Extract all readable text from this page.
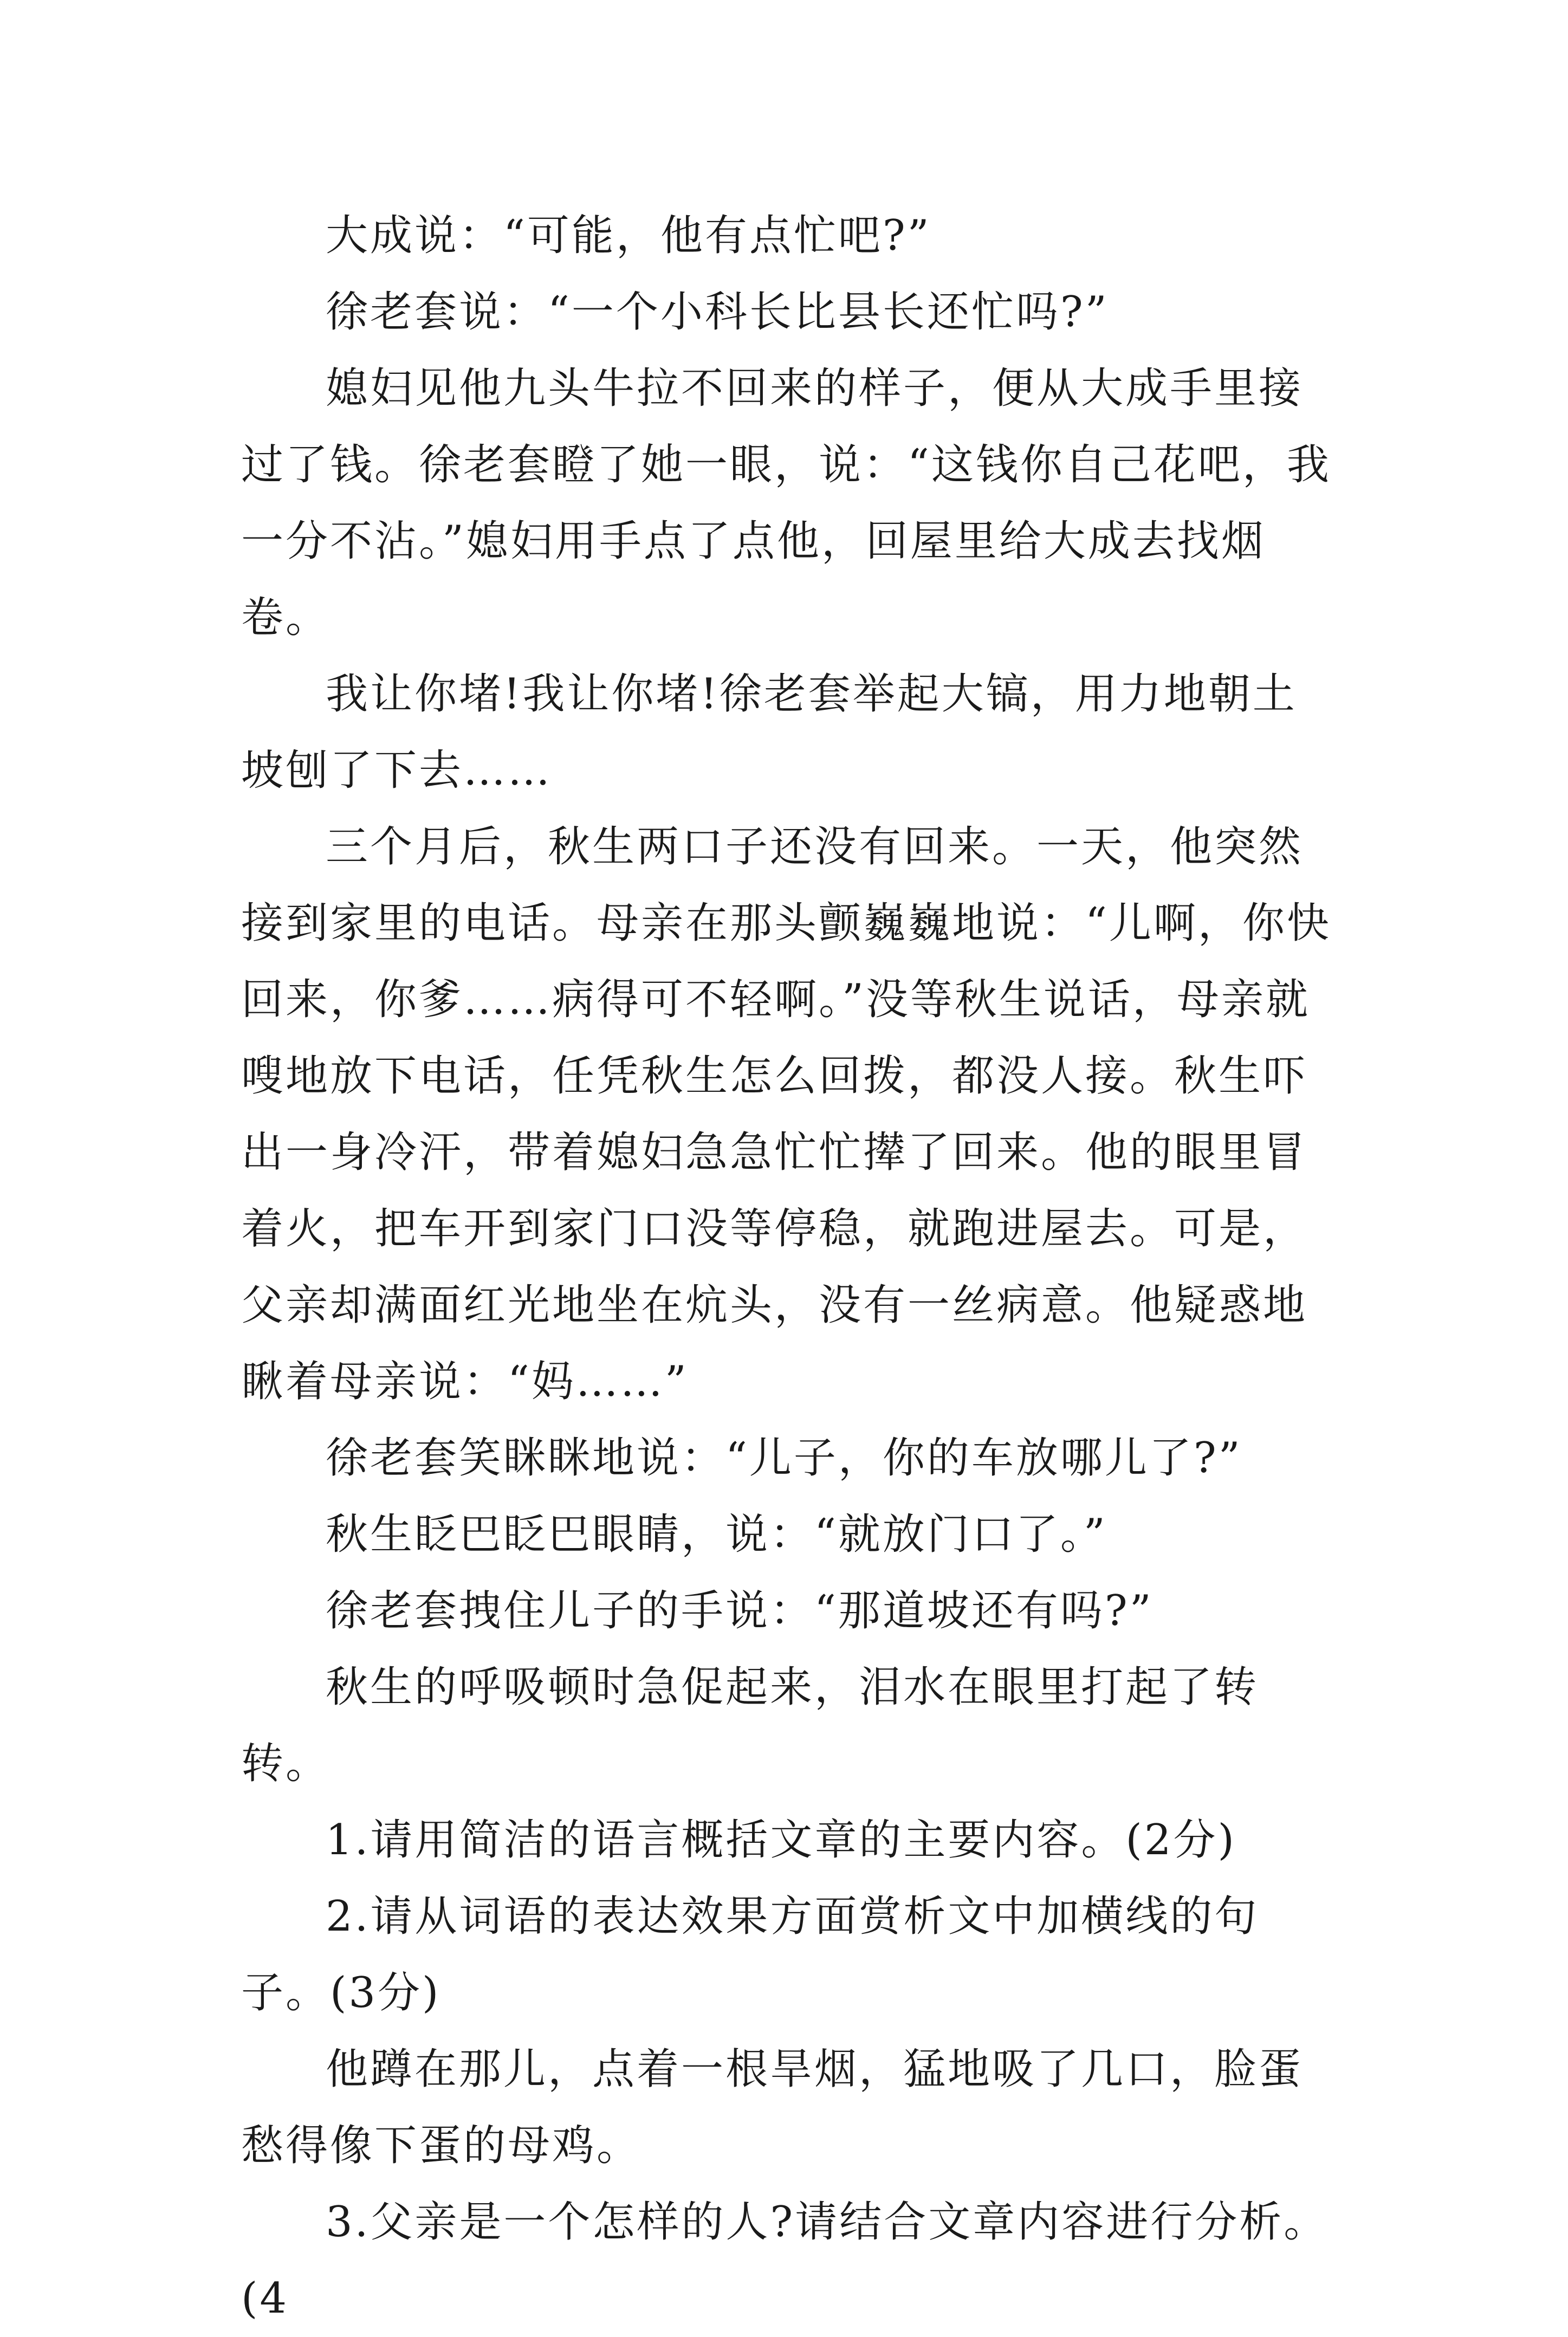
大成说：“可能，他有点忙吧?”

徐老套说：“一个小科长比县长还忙吗?”

媳妇见他九头牛拉不回来的样子，便从大成手里接过了钱。徐老套瞪了她一眼，说：“这钱你自己花吧，我一分不沾。”媳妇用手点了点他，回屋里给大成去找烟卷。

我让你堵!我让你堵!徐老套举起大镐，用力地朝土坡刨了下去……

三个月后，秋生两口子还没有回来。一天，他突然接到家里的电话。母亲在那头颤巍巍地说：“儿啊，你快回来，你爹……病得可不轻啊。”没等秋生说话，母亲就嗖地放下电话，任凭秋生怎么回拨，都没人接。秋生吓出一身冷汗，带着媳妇急急忙忙撵了回来。他的眼里冒着火，把车开到家门口没等停稳，就跑进屋去。可是，父亲却满面红光地坐在炕头，没有一丝病意。他疑惑地瞅着母亲说：“妈……”

徐老套笑眯眯地说：“儿子，你的车放哪儿了?”

秋生眨巴眨巴眼睛，说：“就放门口了。”

徐老套拽住儿子的手说：“那道坡还有吗?”

秋生的呼吸顿时急促起来，泪水在眼里打起了转转。

1.请用简洁的语言概括文章的主要内容。(2分)

2.请从词语的表达效果方面赏析文中加横线的句子。(3分)

他蹲在那儿，点着一根旱烟，猛地吸了几口，脸蛋愁得像下蛋的母鸡。

3.父亲是一个怎样的人?请结合文章内容进行分析。(4
